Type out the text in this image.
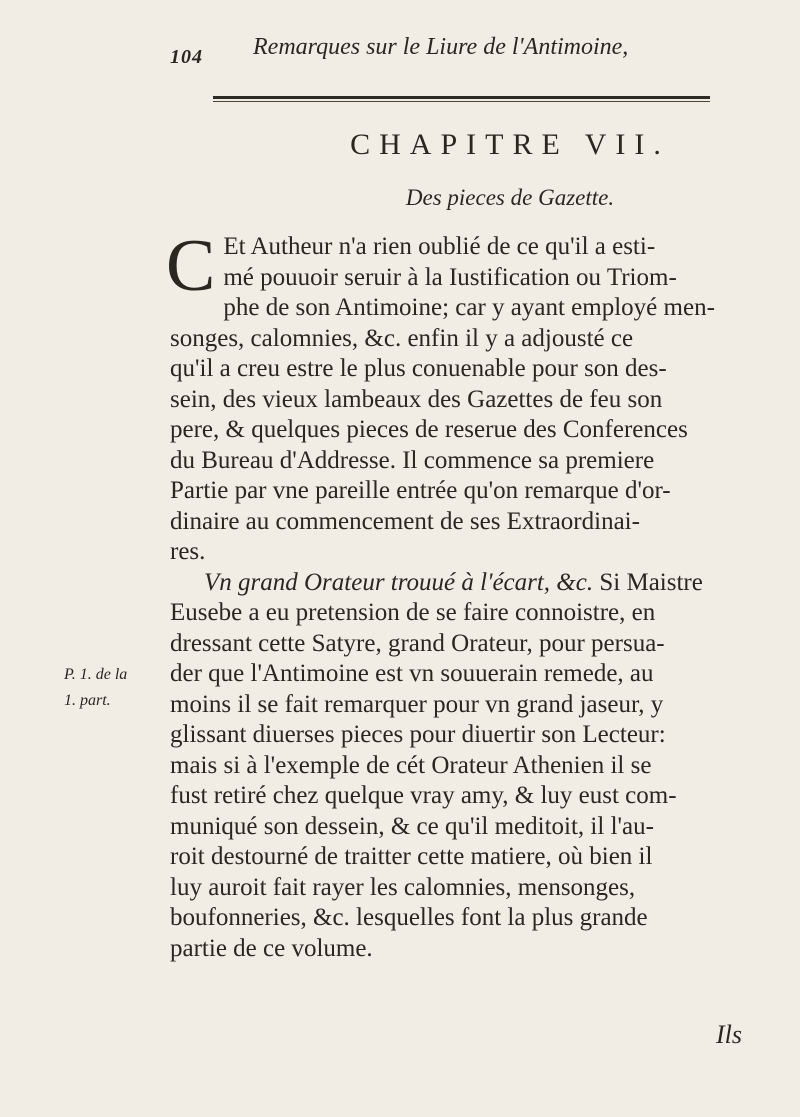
104 Remarques sur le Liure de l'Antimoine,
CHAPITRE VII.
Des pieces de Gazette.
C Et Autheur n'a rien oublié de ce qu'il a esti-
mé pouuoir seruir à la Iustification ou Triom-
phe de son Antimoine; car y ayant employé men-
songes, calomnies, &c. enfin il y a adjousté ce
qu'il a creu estre le plus conuenable pour son des-
sein, des vieux lambeaux des Gazettes de feu son
pere, & quelques pieces de reserue des Conferences
du Bureau d'Addresse. Il commence sa premiere
Partie par vne pareille entrée qu'on remarque d'or-
dinaire au commencement de ses Extraordinai-
res.
Vn grand Orateur trouué à l'écart, &c. Si Maistre
Eusebe a eu pretension de se faire connoistre, en
dressant cette Satyre, grand Orateur, pour persua-
der que l'Antimoine est vn souuerain remede, au
moins il se fait remarquer pour vn grand jaseur, y
glissant diuerses pieces pour diuertir son Lecteur:
mais si à l'exemple de cét Orateur Athenien il se
fust retiré chez quelque vray amy, & luy eust com-
muniqué son dessein, & ce qu'il meditoit, il l'au-
roit destourné de traitter cette matiere, où bien il
luy auroit fait rayer les calomnies, mensonges,
boufonneries, &c. lesquelles font la plus grande
partie de ce volume.
P. 1. de la
1. part.
Ils
